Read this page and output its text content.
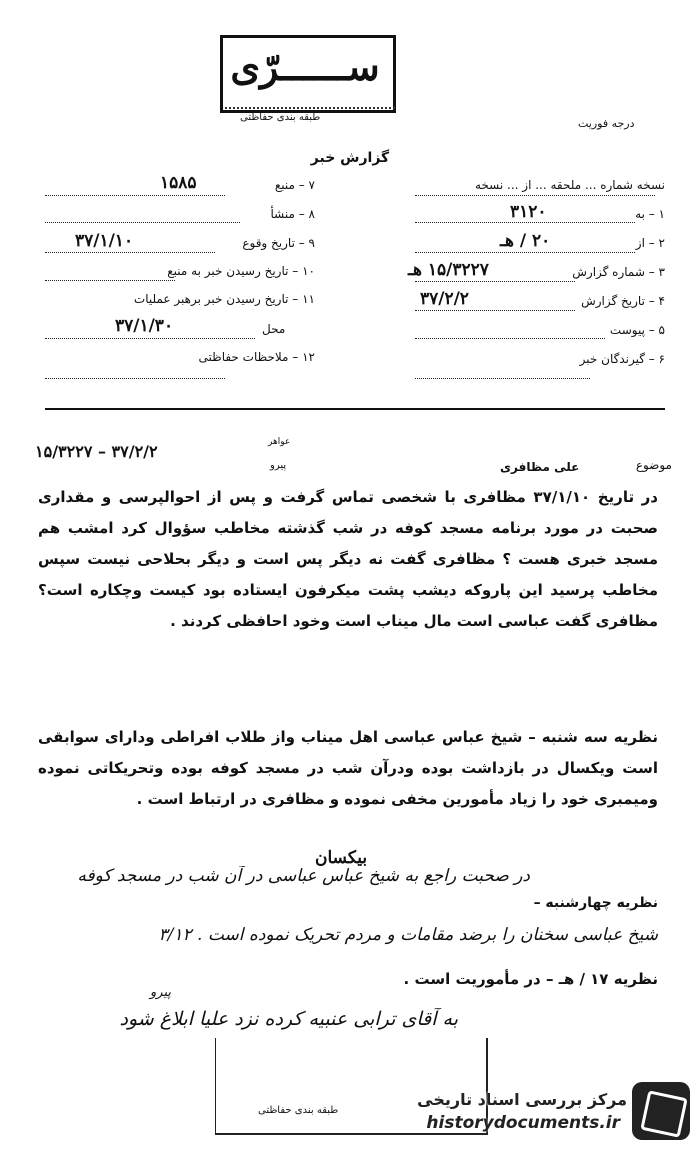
ســــــرّی
طبقه بندی حفاظتی	درجه فوریت
گزارش خبر
نسخه شماره ... ملحقه ... از ... نسخه
۱ – به
۳۱۲۰
۲ – از
۲۰ / هـ
۳ – شماره گزارش
۱۵/۳۲۲۷ هـ
۴ – تاریخ گزارش
۳۷/۲/۲
۵ – پیوست
۶ – گیرندگان خبر
۷ – منبع
۱۵۸۵
۸ – منشأ
۹ – تاریخ وقوع
۳۷/۱/۱۰
۱۰ – تاریخ رسیدن خبر به منبع
۱۱ – تاریخ رسیدن خبر برهبر عملیات
محل
۳۷/۱/۳۰
۱۲ – ملاحظات حفاظتی
موضوع
علی مظافری
عواهر
پیرو
۳۷/۲/۲ – ۱۵/۳۲۲۷
در تاریخ ۳۷/۱/۱۰ مظافری با شخصی تماس گرفت و پس از احوالپرسی و مقداری صحبت در مورد برنامه مسجد کوفه در شب گذشته مخاطب سؤوال کرد امشب هم مسجد خبری هست ؟ مظافری گفت نه دیگر پس است و دیگر بحلاحی نیست سپس مخاطب پرسید این پاروکه دیشب پشت میکرفون ایستاده بود کیست وچکاره است؟ مظافری گفت عباسی است مال میناب است وخود احافظی کردند .
نظریه سه شنبه – شیخ عباس عباسی اهل میناب واز طلاب افراطی ودارای سوابقی است ویکسال در بازداشت بوده ودرآن شب در مسجد کوفه بوده وتحریکاتی نموده ومیمبری خود را زیاد مأمورین مخفی نموده و مظافری در ارتباط است .
بیکسان
نظریه چهارشنبه –
در صحبت راجع به شیخ عباس عباسی در آن شب در مسجد کوفه
شیخ عباسی سخنان را برضد مقامات و مردم تحریک نموده است . ۳/۱۲
نظریه ۱۷ / هـ – در مأموریت است .
پیرو
به آقای ترابی عنبیه کرده نزد علیا ابلاغ شود
طبقه بندی حفاظتی
مرکز بررسی اسناد تاریخی
historydocuments.ir
